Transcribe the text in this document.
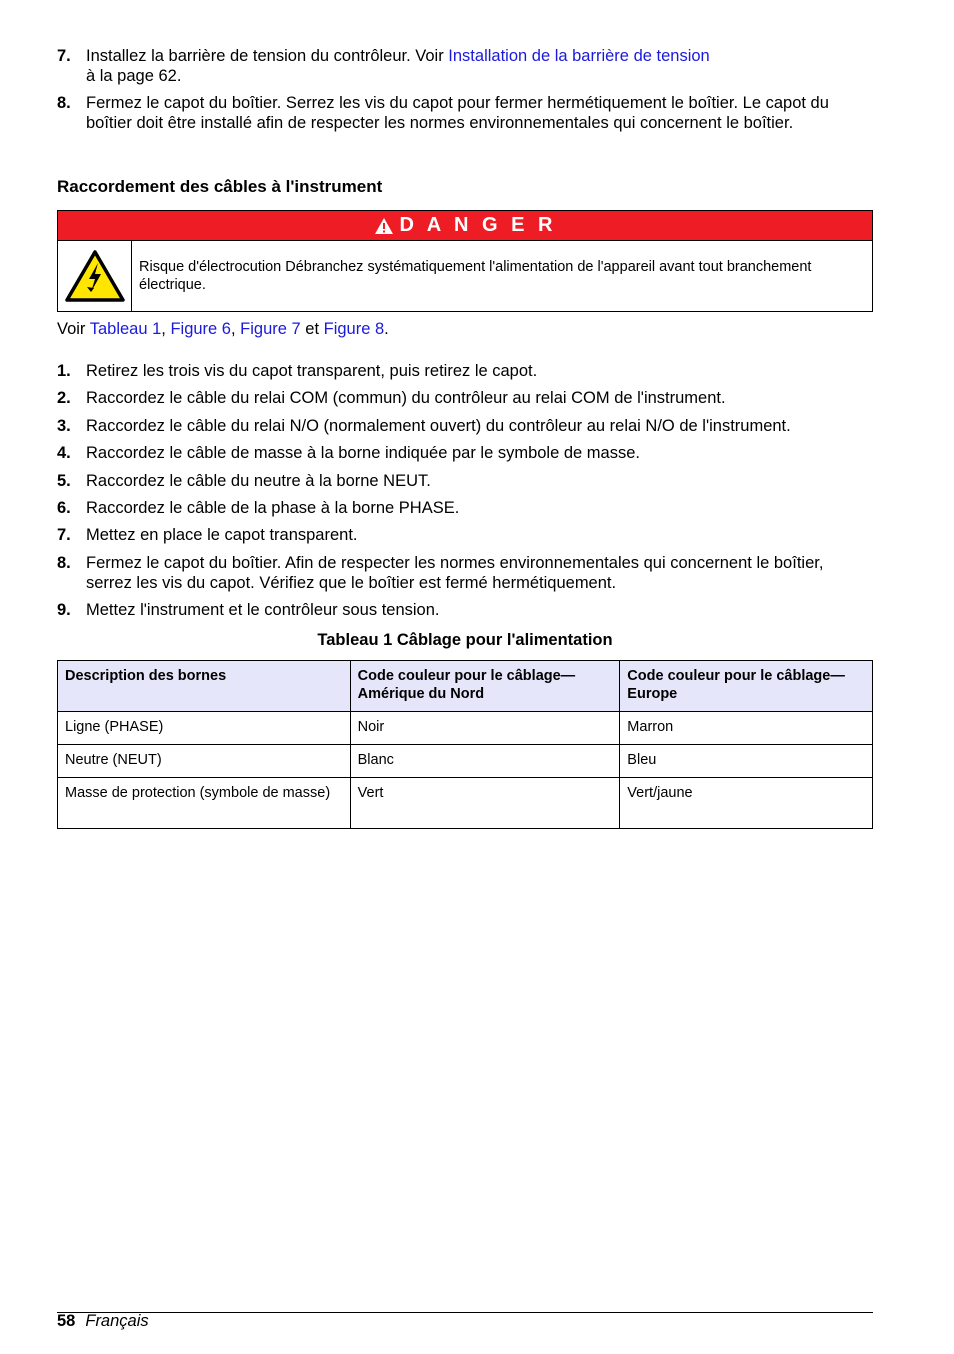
7. Installez la barrière de tension du contrôleur. Voir Installation de la barrière de tension
à la page 62.
8. Fermez le capot du boîtier. Serrez les vis du capot pour fermer hermétiquement le boîtier. Le capot du boîtier doit être installé afin de respecter les normes environnementales qui concernent le boîtier.
Raccordement des câbles à l'instrument
D A N G E R
Risque d'électrocution Débranchez systématiquement l'alimentation de l'appareil avant tout branchement électrique.

Voir Tableau 1, Figure 6, Figure 7 et Figure 8.

1. Retirez les trois vis du capot transparent, puis retirez le capot.
2. Raccordez le câble du relai COM (commun) du contrôleur au relai COM de l'instrument.
3. Raccordez le câble du relai N/O (normalement ouvert) du contrôleur au relai N/O de l'instrument.
4. Raccordez le câble de masse à la borne indiquée par le symbole de masse.
5. Raccordez le câble du neutre à la borne NEUT.
6. Raccordez le câble de la phase à la borne PHASE.
7. Mettez en place le capot transparent.
8. Fermez le capot du boîtier. Afin de respecter les normes environnementales qui concernent le boîtier, serrez les vis du capot. Vérifiez que le boîtier est fermé hermétiquement.
9. Mettez l'instrument et le contrôleur sous tension.

Tableau 1 Câblage pour l'alimentation

Description des bornes	Code couleur pour le câblage—Amérique du Nord	Code couleur pour le câblage—Europe
Ligne (PHASE)	Noir	Marron
Neutre (NEUT)	Blanc	Bleu
Masse de protection (symbole de masse)	Vert	Vert/jaune
58 Français
